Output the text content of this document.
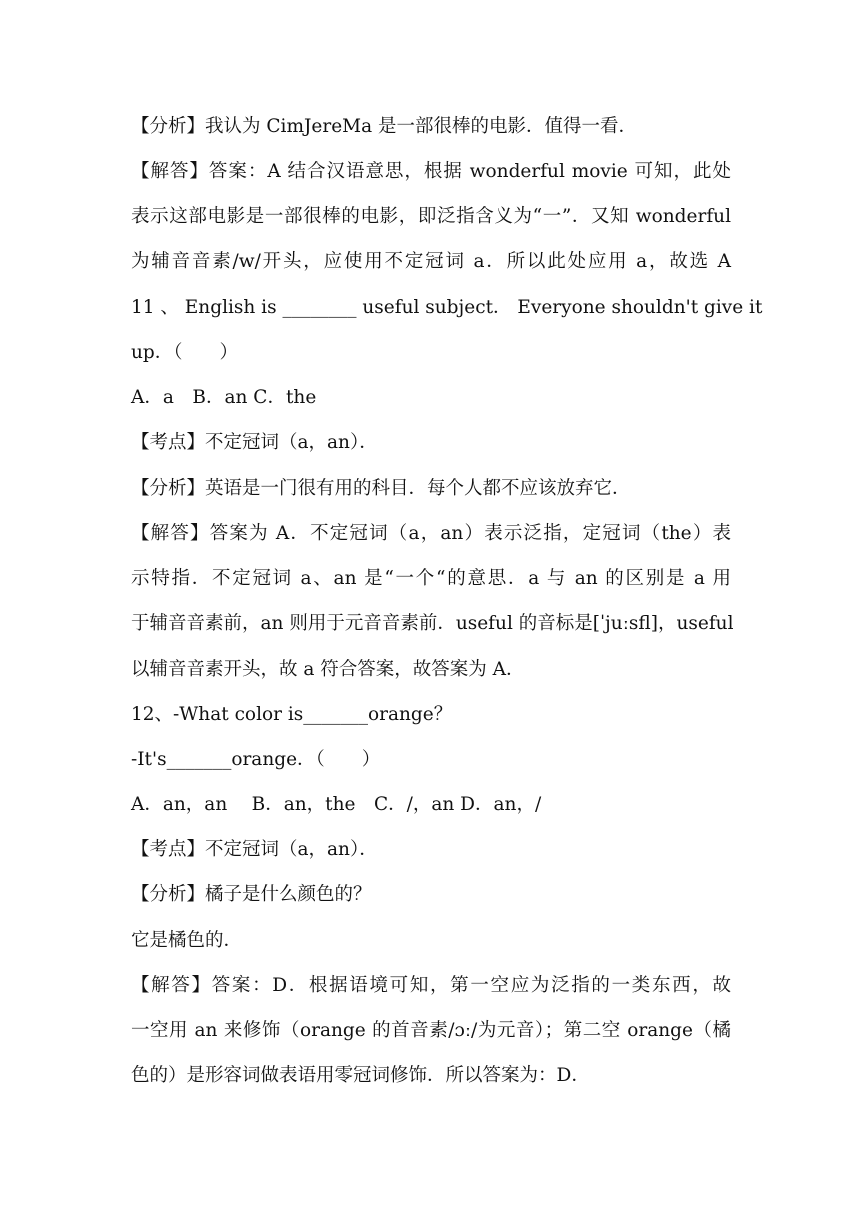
【分析】我认为 CimJereMa 是一部很棒的电影．值得一看．
【解答】答案：A 结合汉语意思，根据 wonderful movie 可知，此处
表示这部电影是一部很棒的电影，即泛指含义为“一”．又知 wonderful
为辅音音素/w/开头，应使用不定冠词 a．所以此处应用 a，故选 A
11 、 English is ________ useful subject． Everyone shouldn't give it
up．（　　）
A．a　B．an C．the
【考点】不定冠词（a，an）．
【分析】英语是一门很有用的科目．每个人都不应该放弃它．
【解答】答案为 A．不定冠词（a，an）表示泛指，定冠词（the）表
示特指．不定冠词 a、an 是“一个“的意思．a 与 an 的区别是 a 用
于辅音音素前，an 则用于元音音素前．useful 的音标是[ˈjuːsfl]，useful
以辅音音素开头，故 a 符合答案，故答案为 A．
12、-What color is_______orange？
-It's_______orange．（　　）
A．an，an　 B．an，the　C．/，an D．an，/
【考点】不定冠词（a，an）．
【分析】橘子是什么颜色的？
它是橘色的．
【解答】答案：D．根据语境可知，第一空应为泛指的一类东西，故
一空用 an 来修饰（orange 的首音素/ɔː/为元音）；第二空 orange（橘
色的）是形容词做表语用零冠词修饰．所以答案为：D．
